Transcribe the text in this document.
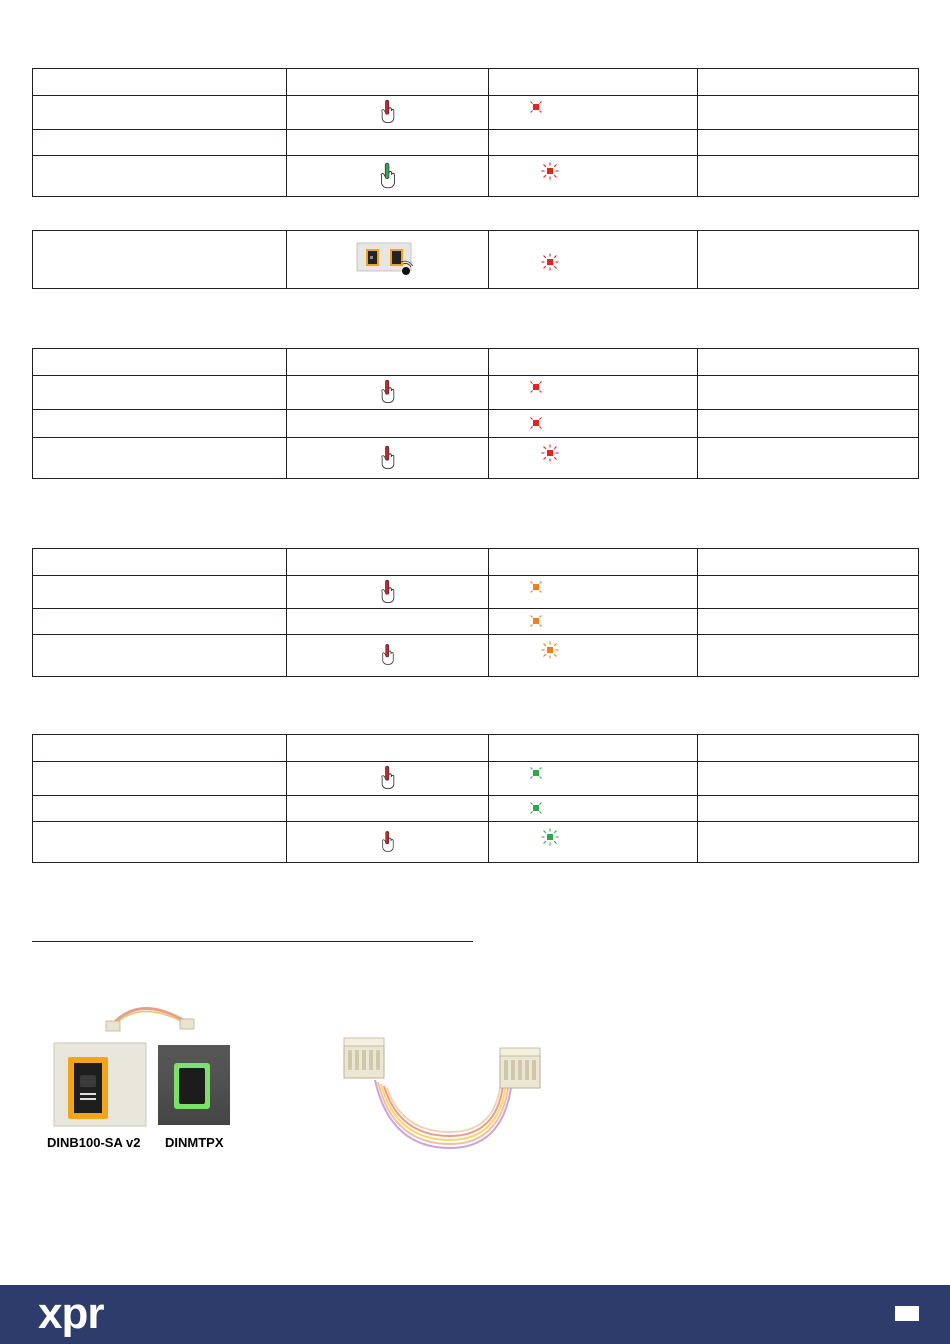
DINB100-SA v2 DINMTPX
xpr
